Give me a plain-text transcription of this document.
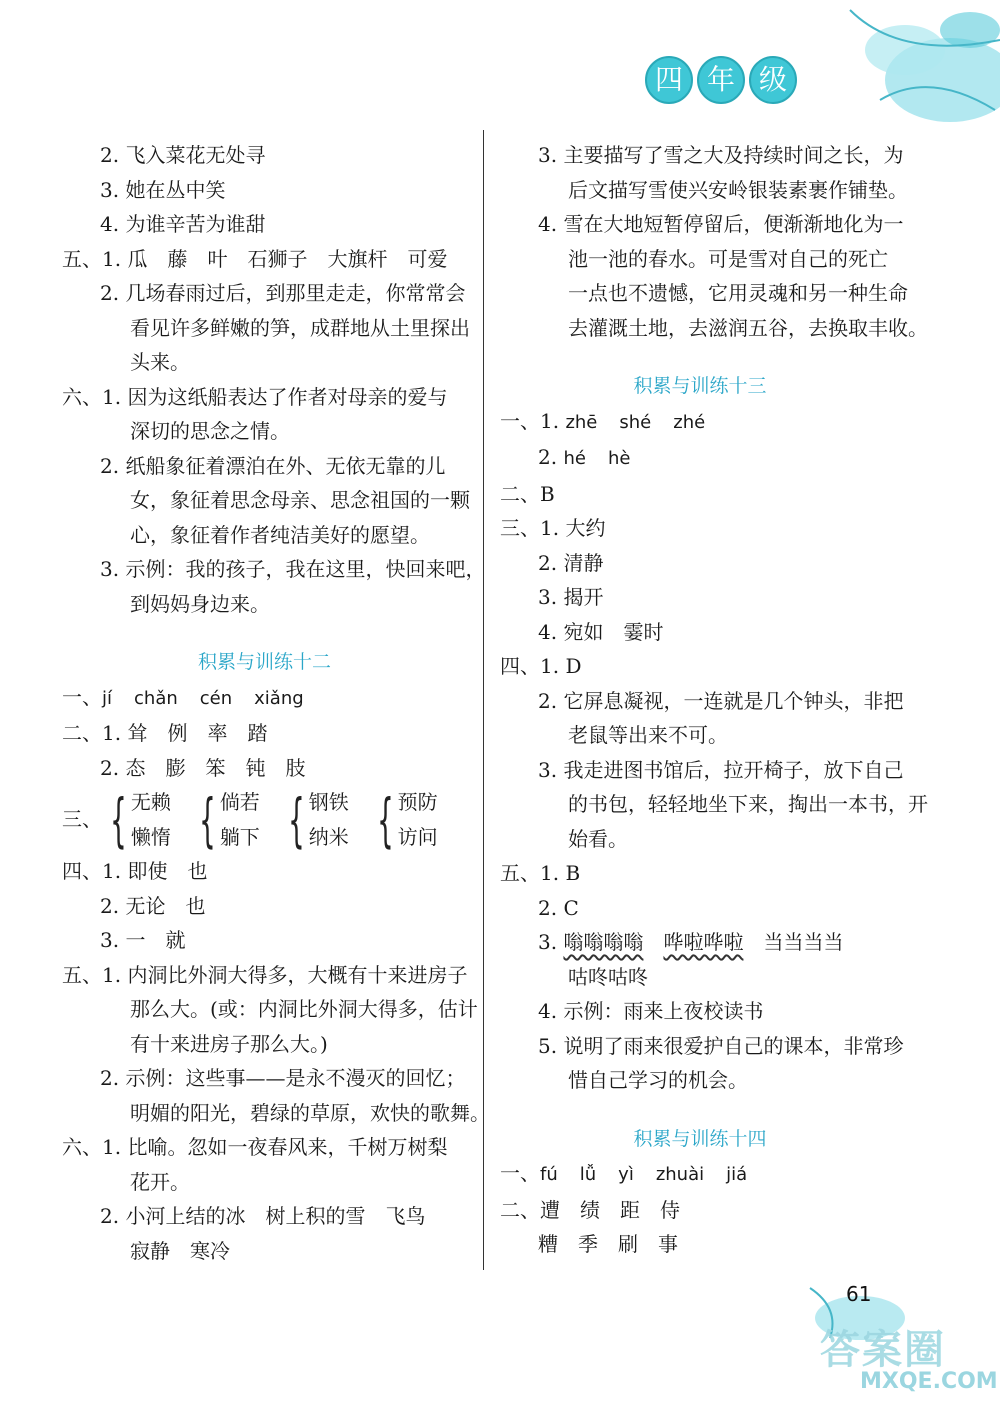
四 年 级
2. 飞入菜花无处寻
3. 她在丛中笑
4. 为谁辛苦为谁甜
五、1. 瓜　藤　叶　石狮子　大旗杆　可爱
2. 几场春雨过后，到那里走走，你常常会
看见许多鲜嫩的笋，成群地从土里探出
头来。
六、1. 因为这纸船表达了作者对母亲的爱与
深切的思念之情。
2. 纸船象征着漂泊在外、无依无靠的儿
女，象征着思念母亲、思念祖国的一颗
心，象征着作者纯洁美好的愿望。
3. 示例：我的孩子，我在这里，快回来吧，
到妈妈身边来。
积累与训练十二
一、jí chǎn cén xiǎng
二、1. 耸　例　率　踏
2. 态　膨　笨　钝　肢
三、 { 无赖
懒惰 { 倘若
躺下 { 钢铁
纳米 { 预防
访问
四、1. 即使　也
2. 无论　也
3. 一　就
五、1. 内洞比外洞大得多，大概有十来进房子
那么大。(或：内洞比外洞大得多，估计
有十来进房子那么大。)
2. 示例：这些事——是永不漫灭的回忆；
明媚的阳光，碧绿的草原，欢快的歌舞。
六、1. 比喻。忽如一夜春风来，千树万树梨
花开。
2. 小河上结的冰　树上积的雪　飞鸟
寂静　寒冷
3. 主要描写了雪之大及持续时间之长，为
后文描写雪使兴安岭银装素裹作铺垫。
4. 雪在大地短暂停留后，便渐渐地化为一
池一池的春水。可是雪对自己的死亡
一点也不遗憾，它用灵魂和另一种生命
去灌溉土地，去滋润五谷，去换取丰收。
积累与训练十三
一、1. zhē shé zhé
2. hé hè
二、B
三、1. 大约
2. 清静
3. 揭开
4. 宛如　霎时
四、1. D
2. 它屏息凝视，一连就是几个钟头，非把
老鼠等出来不可。
3. 我走进图书馆后，拉开椅子，放下自己
的书包，轻轻地坐下来，掏出一本书，开
始看。
五、1. B
2. C
3. 嗡嗡嗡嗡　 哗啦哗啦　 当当当当
咕咚咕咚
4. 示例：雨来上夜校读书
5. 说明了雨来很爱护自己的课本，非常珍
惜自己学习的机会。
积累与训练十四
一、fú lǚ yì zhuài jiá
二、遭　绩　距　侍
糟　季　刷　事
61
答案圈
MXQE.COM
